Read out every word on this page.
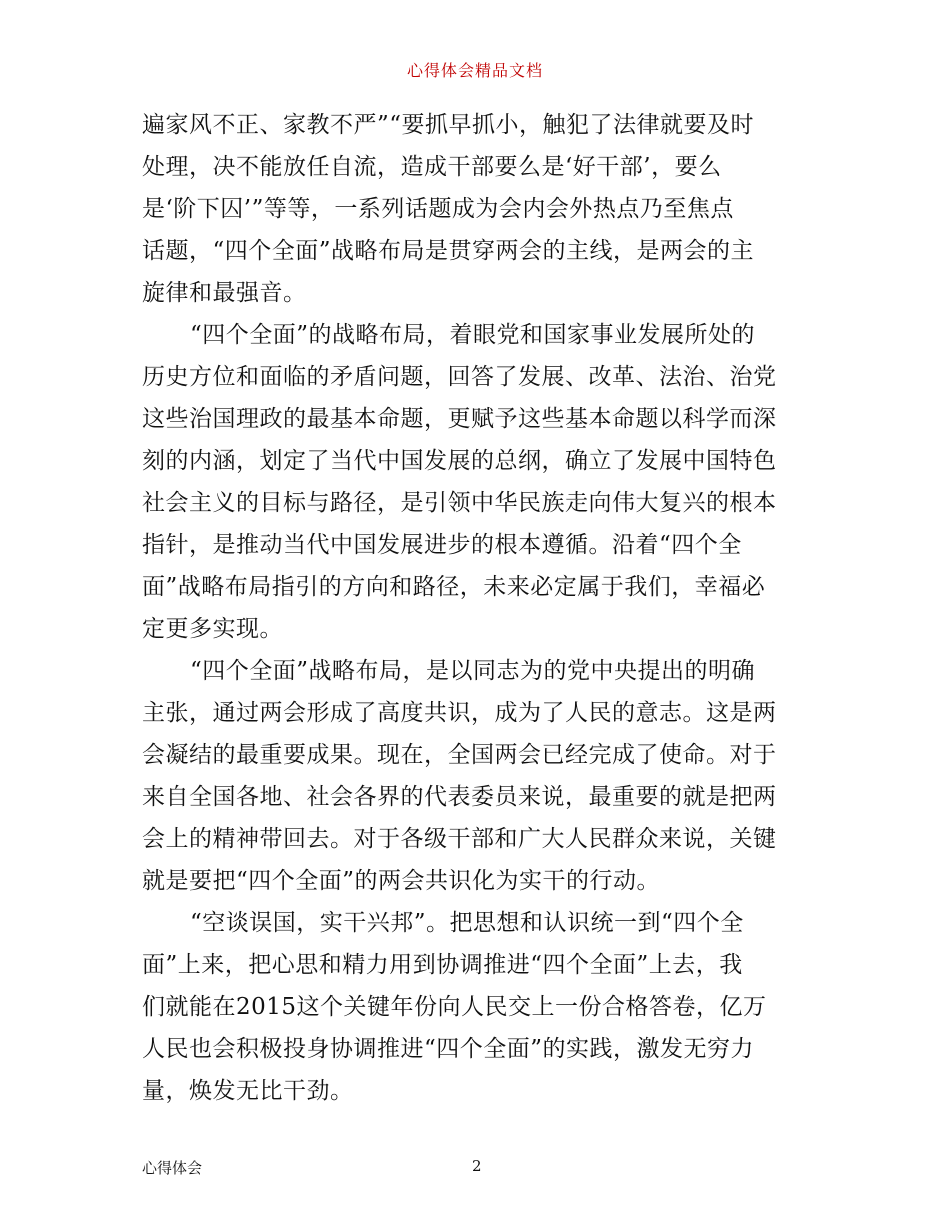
心得体会精品文档
遍家风不正、家教不严”“要抓早抓小，触犯了法律就要及时
处理，决不能放任自流，造成干部要么是‘好干部’，要么
是‘阶下囚’”等等，一系列话题成为会内会外热点乃至焦点
话题，“四个全面”战略布局是贯穿两会的主线，是两会的主
旋律和最强音。
“四个全面”的战略布局，着眼党和国家事业发展所处的
历史方位和面临的矛盾问题，回答了发展、改革、法治、治党
这些治国理政的最基本命题，更赋予这些基本命题以科学而深
刻的内涵，划定了当代中国发展的总纲，确立了发展中国特色
社会主义的目标与路径，是引领中华民族走向伟大复兴的根本
指针，是推动当代中国发展进步的根本遵循。沿着“四个全
面”战略布局指引的方向和路径，未来必定属于我们，幸福必
定更多实现。
“四个全面”战略布局，是以同志为的党中央提出的明确
主张，通过两会形成了高度共识，成为了人民的意志。这是两
会凝结的最重要成果。现在，全国两会已经完成了使命。对于
来自全国各地、社会各界的代表委员来说，最重要的就是把两
会上的精神带回去。对于各级干部和广大人民群众来说，关键
就是要把“四个全面”的两会共识化为实干的行动。
“空谈误国，实干兴邦”。把思想和认识统一到“四个全
面”上来，把心思和精力用到协调推进“四个全面”上去，我
们就能在2015这个关键年份向人民交上一份合格答卷，亿万
人民也会积极投身协调推进“四个全面”的实践，激发无穷力
量，焕发无比干劲。
心得体会	2
